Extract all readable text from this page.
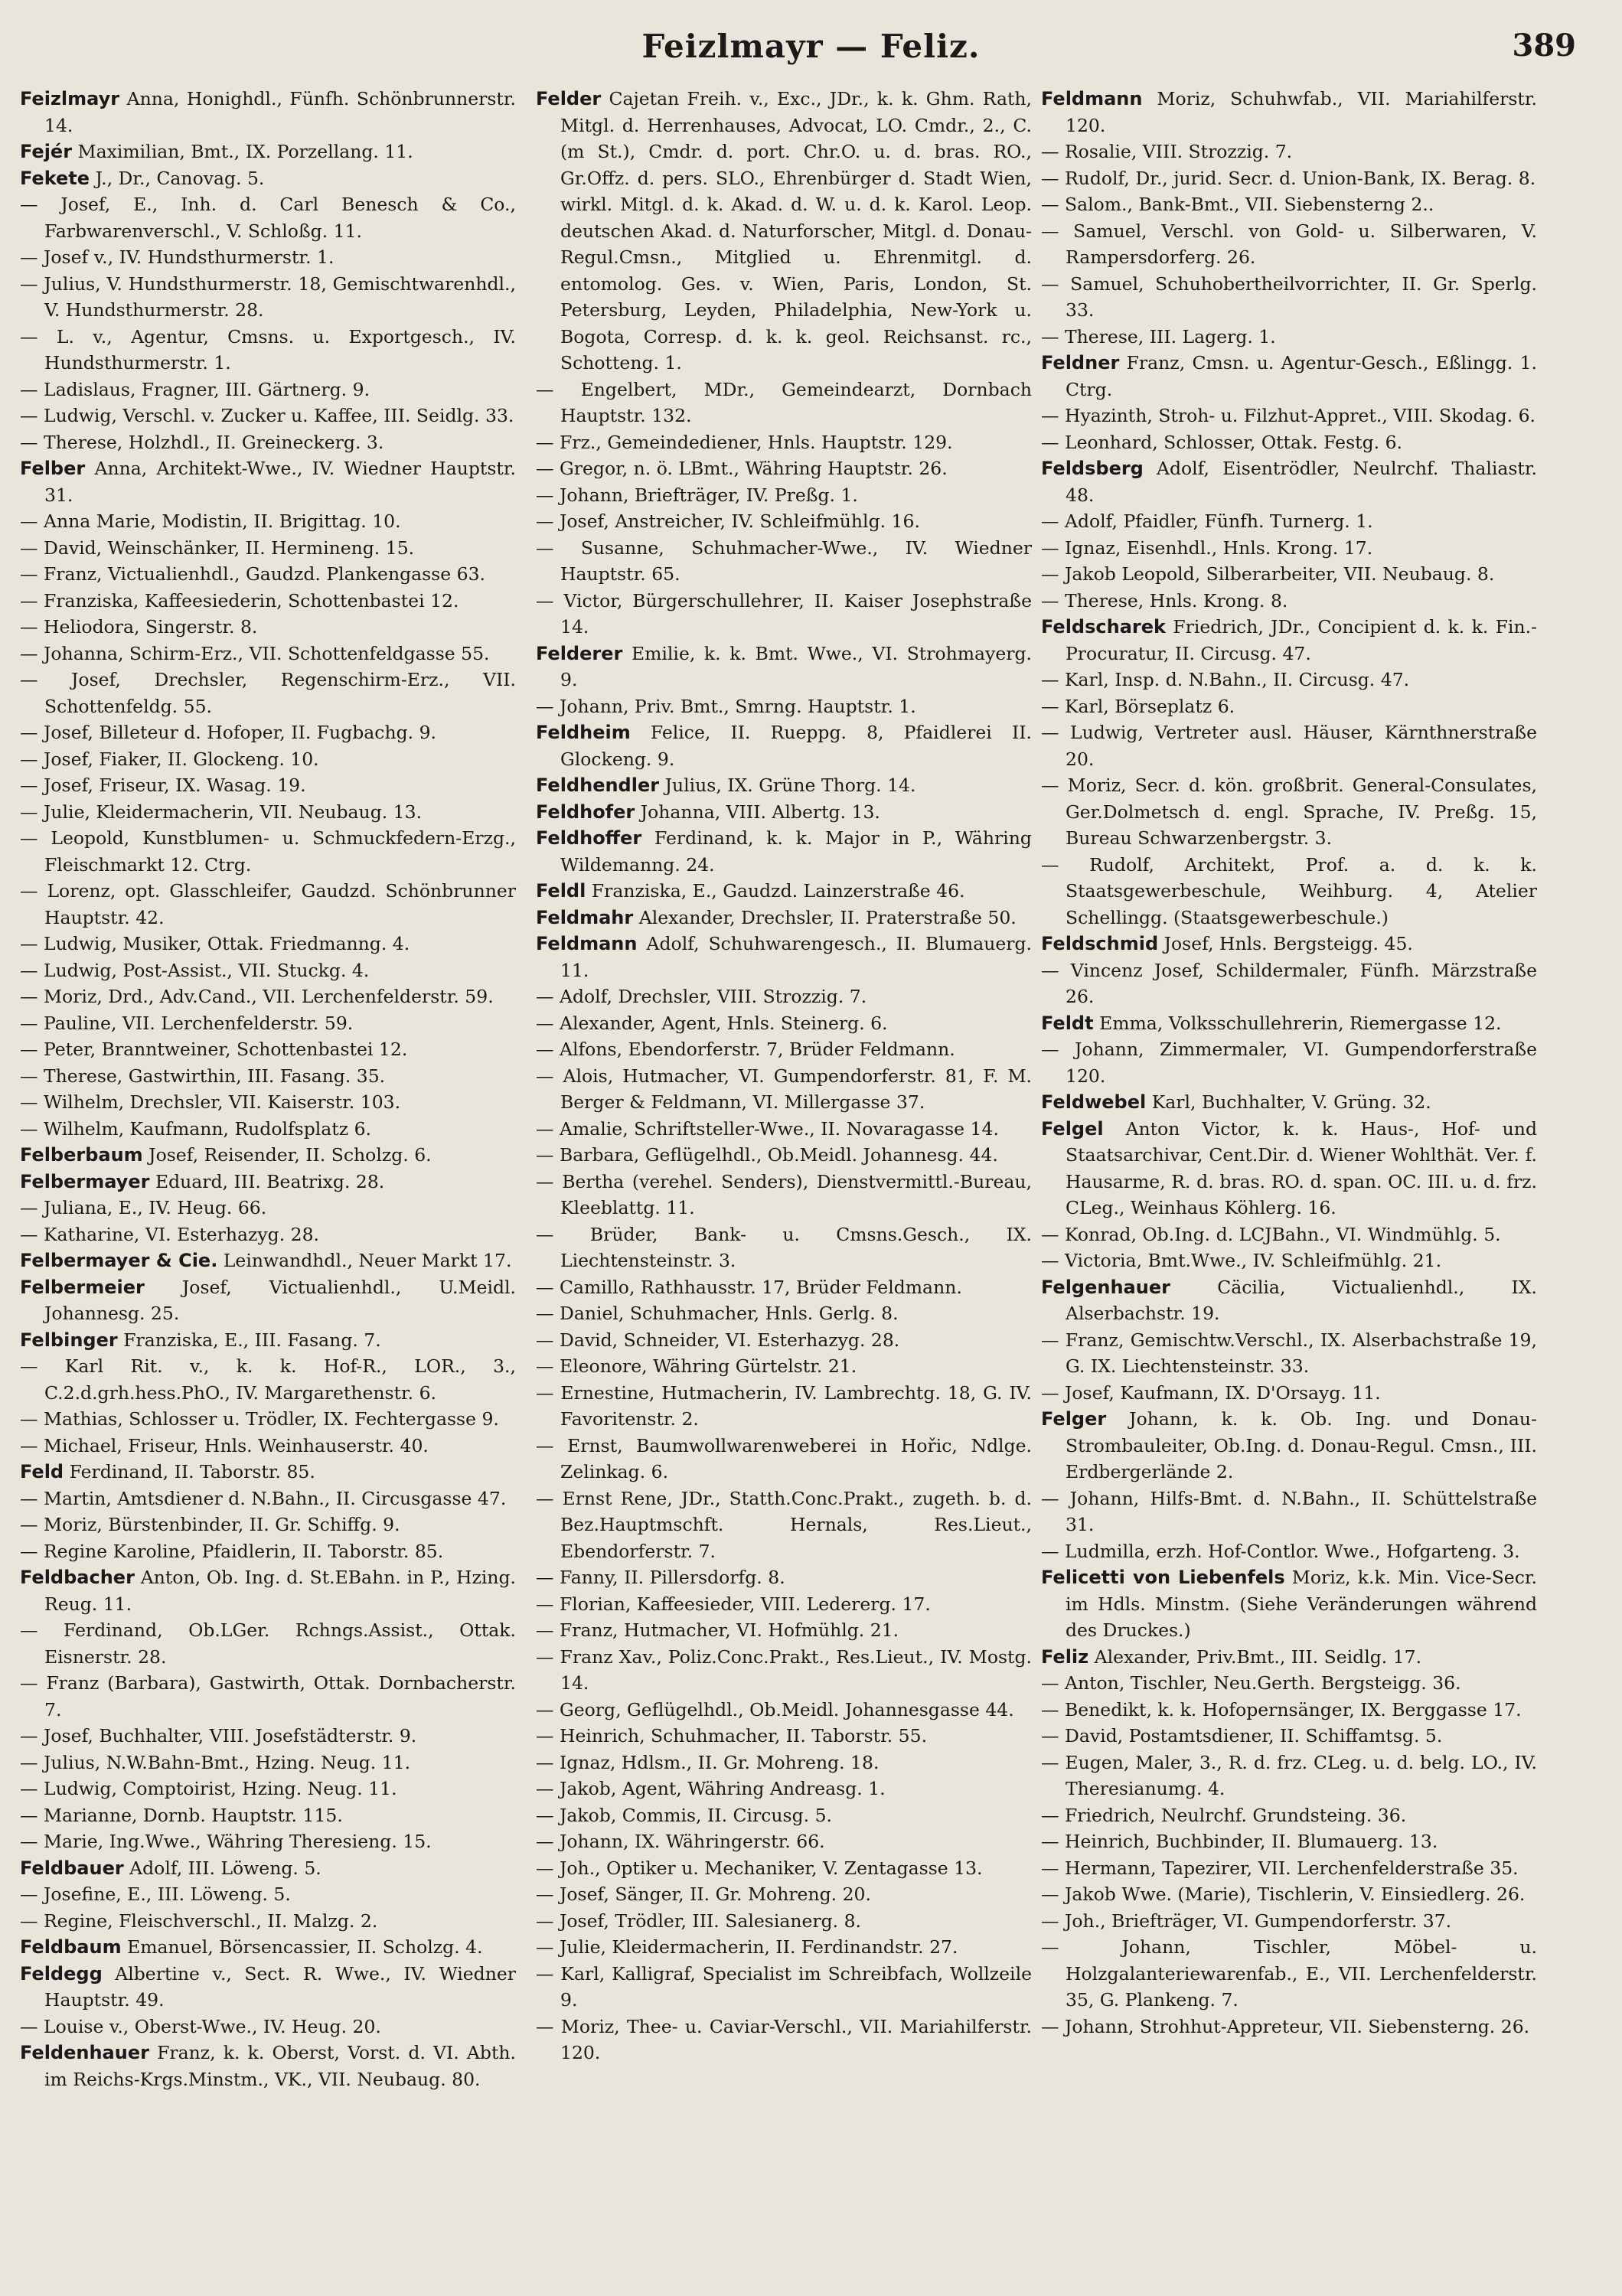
Feizlmayr — Feliz.	389
Feizlmayr Anna, Honighdl., Fünfh. Schönbrunnerstr. 14.
Fejér Maximilian, Bmt., IX. Porzellang. 11.
Fekete J., Dr., Canovag. 5.
— Josef, E., Inh. d. Carl Benesch & Co., Farbwarenverschl., V. Schloßg. 11.
— Josef v., IV. Hundsthurmerstr. 1.
— Julius, V. Hundsthurmerstr. 18, Gemischtwarenhdl., V. Hundsthurmerstr. 28.
— L. v., Agentur, Cmsns. u. Exportgesch., IV. Hundsthurmerstr. 1.
— Ladislaus, Fragner, III. Gärtnerg. 9.
— Ludwig, Verschl. v. Zucker u. Kaffee, III. Seidlg. 33.
— Therese, Holzhdl., II. Greineckerg. 3.
Felber Anna, Architekt-Wwe., IV. Wiedner Hauptstr. 31.
— Anna Marie, Modistin, II. Brigittag. 10.
— David, Weinschänker, II. Hermineng. 15.
— Franz, Victualienhdl., Gaudzd. Plankengasse 63.
— Franziska, Kaffeesiederin, Schottenbastei 12.
— Heliodora, Singerstr. 8.
— Johanna, Schirm-Erz., VII. Schottenfeldgasse 55.
— Josef, Drechsler, Regenschirm-Erz., VII. Schottenfeldg. 55.
— Josef, Billeteur d. Hofoper, II. Fugbachg. 9.
— Josef, Fiaker, II. Glockeng. 10.
— Josef, Friseur, IX. Wasag. 19.
— Julie, Kleidermacherin, VII. Neubaug. 13.
— Leopold, Kunstblumen- u. Schmuckfedern-Erzg., Fleischmarkt 12. Ctrg.
— Lorenz, opt. Glasschleifer, Gaudzd. Schönbrunner Hauptstr. 42.
— Ludwig, Musiker, Ottak. Friedmanng. 4.
— Ludwig, Post-Assist., VII. Stuckg. 4.
— Moriz, Drd., Adv.Cand., VII. Lerchenfelderstr. 59.
— Pauline, VII. Lerchenfelderstr. 59.
— Peter, Branntweiner, Schottenbastei 12.
— Therese, Gastwirthin, III. Fasang. 35.
— Wilhelm, Drechsler, VII. Kaiserstr. 103.
— Wilhelm, Kaufmann, Rudolfsplatz 6.
Felberbaum Josef, Reisender, II. Scholzg. 6.
Felbermayer Eduard, III. Beatrixg. 28.
— Juliana, E., IV. Heug. 66.
— Katharine, VI. Esterhazyg. 28.
Felbermayer & Cie. Leinwandhdl., Neuer Markt 17.
Felbermeier Josef, Victualienhdl., U.Meidl. Johannesg. 25.
Felbinger Franziska, E., III. Fasang. 7.
— Karl Rit. v., k. k. Hof-R., LOR., 3., C.2.d.grh.hess.PhO., IV. Margarethenstr. 6.
— Mathias, Schlosser u. Trödler, IX. Fechtergasse 9.
— Michael, Friseur, Hnls. Weinhauserstr. 40.
Feld Ferdinand, II. Taborstr. 85.
— Martin, Amtsdiener d. N.Bahn., II. Circusgasse 47.
— Moriz, Bürstenbinder, II. Gr. Schiffg. 9.
— Regine Karoline, Pfaidlerin, II. Taborstr. 85.
Feldbacher Anton, Ob. Ing. d. St.EBahn. in P., Hzing. Reug. 11.
— Ferdinand, Ob.LGer. Rchngs.Assist., Ottak. Eisnerstr. 28.
— Franz (Barbara), Gastwirth, Ottak. Dornbacherstr. 7.
— Josef, Buchhalter, VIII. Josefstädterstr. 9.
— Julius, N.W.Bahn-Bmt., Hzing. Neug. 11.
— Ludwig, Comptoirist, Hzing. Neug. 11.
— Marianne, Dornb. Hauptstr. 115.
— Marie, Ing.Wwe., Währing Theresieng. 15.
Feldbauer Adolf, III. Löweng. 5.
— Josefine, E., III. Löweng. 5.
— Regine, Fleischverschl., II. Malzg. 2.
Feldbaum Emanuel, Börsencassier, II. Scholzg. 4.
Feldegg Albertine v., Sect. R. Wwe., IV. Wiedner Hauptstr. 49.
— Louise v., Oberst-Wwe., IV. Heug. 20.
Feldenhauer Franz, k. k. Oberst, Vorst. d. VI. Abth. im Reichs-Krgs.Minstm., VK., VII. Neubaug. 80.
Felder Cajetan Freih. v., Exc., JDr., k. k. Ghm. Rath, Mitgl. d. Herrenhauses, Advocat, LO. Cmdr., 2., C. (m St.), Cmdr. d. port. Chr.O. u. d. bras. RO., Gr.Offz. d. pers. SLO., Ehrenbürger d. Stadt Wien, wirkl. Mitgl. d. k. Akad. d. W. u. d. k. Karol. Leop. deutschen Akad. d. Naturforscher, Mitgl. d. Donau-Regul.Cmsn., Mitglied u. Ehrenmitgl. d. entomolog. Ges. v. Wien, Paris, London, St. Petersburg, Leyden, Philadelphia, New-York u. Bogota, Corresp. d. k. k. geol. Reichsanst. rc., Schotteng. 1.
— Engelbert, MDr., Gemeindearzt, Dornbach Hauptstr. 132.
— Frz., Gemeindediener, Hnls. Hauptstr. 129.
— Gregor, n. ö. LBmt., Währing Hauptstr. 26.
— Johann, Briefträger, IV. Preßg. 1.
— Josef, Anstreicher, IV. Schleifmühlg. 16.
— Susanne, Schuhmacher-Wwe., IV. Wiedner Hauptstr. 65.
— Victor, Bürgerschullehrer, II. Kaiser Josephstraße 14.
Felderer Emilie, k. k. Bmt. Wwe., VI. Strohmayerg. 9.
— Johann, Priv. Bmt., Smrng. Hauptstr. 1.
Feldheim Felice, II. Rueppg. 8, Pfaidlerei II. Glockeng. 9.
Feldhendler Julius, IX. Grüne Thorg. 14.
Feldhofer Johanna, VIII. Albertg. 13.
Feldhoffer Ferdinand, k. k. Major in P., Währing Wildemanng. 24.
Feldl Franziska, E., Gaudzd. Lainzerstraße 46.
Feldmahr Alexander, Drechsler, II. Praterstraße 50.
Feldmann Adolf, Schuhwarengesch., II. Blumauerg. 11.
— Adolf, Drechsler, VIII. Strozzig. 7.
— Alexander, Agent, Hnls. Steinerg. 6.
— Alfons, Ebendorferstr. 7, Brüder Feldmann.
— Alois, Hutmacher, VI. Gumpendorferstr. 81, F. M. Berger & Feldmann, VI. Millergasse 37.
— Amalie, Schriftsteller-Wwe., II. Novaragasse 14.
— Barbara, Geflügelhdl., Ob.Meidl. Johannesg. 44.
— Bertha (verehel. Senders), Dienstvermittl.-Bureau, Kleeblattg. 11.
— Brüder, Bank- u. Cmsns.Gesch., IX. Liechtensteinstr. 3.
— Camillo, Rathhausstr. 17, Brüder Feldmann.
— Daniel, Schuhmacher, Hnls. Gerlg. 8.
— David, Schneider, VI. Esterhazyg. 28.
— Eleonore, Währing Gürtelstr. 21.
— Ernestine, Hutmacherin, IV. Lambrechtg. 18, G. IV. Favoritenstr. 2.
— Ernst, Baumwollwarenweberei in Hořic, Ndlge. Zelinkag. 6.
— Ernst Rene, JDr., Statth.Conc.Prakt., zugeth. b. d. Bez.Hauptmschft. Hernals, Res.Lieut., Ebendorferstr. 7.
— Fanny, II. Pillersdorfg. 8.
— Florian, Kaffeesieder, VIII. Ledererg. 17.
— Franz, Hutmacher, VI. Hofmühlg. 21.
— Franz Xav., Poliz.Conc.Prakt., Res.Lieut., IV. Mostg. 14.
— Georg, Geflügelhdl., Ob.Meidl. Johannesgasse 44.
— Heinrich, Schuhmacher, II. Taborstr. 55.
— Ignaz, Hdlsm., II. Gr. Mohreng. 18.
— Jakob, Agent, Währing Andreasg. 1.
— Jakob, Commis, II. Circusg. 5.
— Johann, IX. Währingerstr. 66.
— Joh., Optiker u. Mechaniker, V. Zentagasse 13.
— Josef, Sänger, II. Gr. Mohreng. 20.
— Josef, Trödler, III. Salesianerg. 8.
— Julie, Kleidermacherin, II. Ferdinandstr. 27.
— Karl, Kalligraf, Specialist im Schreibfach, Wollzeile 9.
— Moriz, Thee- u. Caviar-Verschl., VII. Mariahilferstr. 120.
Feldmann Moriz, Schuhwfab., VII. Mariahilferstr. 120.
— Rosalie, VIII. Strozzig. 7.
— Rudolf, Dr., jurid. Secr. d. Union-Bank, IX. Berag. 8.
— Salom., Bank-Bmt., VII. Siebensterng 2..
— Samuel, Verschl. von Gold- u. Silberwaren, V. Rampersdorferg. 26.
— Samuel, Schuhobertheilvorrichter, II. Gr. Sperlg. 33.
— Therese, III. Lagerg. 1.
Feldner Franz, Cmsn. u. Agentur-Gesch., Eßlingg. 1. Ctrg.
— Hyazinth, Stroh- u. Filzhut-Appret., VIII. Skodag. 6.
— Leonhard, Schlosser, Ottak. Festg. 6.
Feldsberg Adolf, Eisentrödler, Neulrchf. Thaliastr. 48.
— Adolf, Pfaidler, Fünfh. Turnerg. 1.
— Ignaz, Eisenhdl., Hnls. Krong. 17.
— Jakob Leopold, Silberarbeiter, VII. Neubaug. 8.
— Therese, Hnls. Krong. 8.
Feldscharek Friedrich, JDr., Concipient d. k. k. Fin.-Procuratur, II. Circusg. 47.
— Karl, Insp. d. N.Bahn., II. Circusg. 47.
— Karl, Börseplatz 6.
— Ludwig, Vertreter ausl. Häuser, Kärnthnerstraße 20.
— Moriz, Secr. d. kön. großbrit. General-Consulates, Ger.Dolmetsch d. engl. Sprache, IV. Preßg. 15, Bureau Schwarzenbergstr. 3.
— Rudolf, Architekt, Prof. a. d. k. k. Staatsgewerbeschule, Weihburg. 4, Atelier Schellingg. (Staatsgewerbeschule.)
Feldschmid Josef, Hnls. Bergsteigg. 45.
— Vincenz Josef, Schildermaler, Fünfh. Märzstraße 26.
Feldt Emma, Volksschullehrerin, Riemergasse 12.
— Johann, Zimmermaler, VI. Gumpendorferstraße 120.
Feldwebel Karl, Buchhalter, V. Grüng. 32.
Felgel Anton Victor, k. k. Haus-, Hof- und Staatsarchivar, Cent.Dir. d. Wiener Wohlthät. Ver. f. Hausarme, R. d. bras. RO. d. span. OC. III. u. d. frz. CLeg., Weinhaus Köhlerg. 16.
— Konrad, Ob.Ing. d. LCJBahn., VI. Windmühlg. 5.
— Victoria, Bmt.Wwe., IV. Schleifmühlg. 21.
Felgenhauer	Cäcilia, Victualienhdl., IX. Alserbachstr. 19.
— Franz, Gemischtw.Verschl., IX. Alserbachstraße 19, G. IX. Liechtensteinstr. 33.
— Josef, Kaufmann, IX. D'Orsayg. 11.
Felger Johann, k. k. Ob. Ing. und Donau-Strombauleiter, Ob.Ing. d. Donau-Regul. Cmsn., III. Erdbergerlände 2.
— Johann, Hilfs-Bmt. d. N.Bahn., II. Schüttelstraße 31.
— Ludmilla, erzh. Hof-Contlor. Wwe., Hofgarteng. 3.
Felicetti von Liebenfels Moriz, k.k. Min. Vice-Secr. im Hdls. Minstm. (Siehe Veränderungen während des Druckes.)
Feliz Alexander, Priv.Bmt., III. Seidlg. 17.
— Anton, Tischler, Neu.Gerth. Bergsteigg. 36.
— Benedikt, k. k. Hofopernsänger, IX. Berggasse 17.
— David, Postamtsdiener, II. Schiffamtsg. 5.
— Eugen, Maler, 3., R. d. frz. CLeg. u. d. belg. LO., IV. Theresianumg. 4.
— Friedrich, Neulrchf. Grundsteing. 36.
— Heinrich, Buchbinder, II. Blumauerg. 13.
— Hermann, Tapezirer, VII. Lerchenfelderstraße 35.
— Jakob Wwe. (Marie), Tischlerin, V. Einsiedlerg. 26.
— Joh., Briefträger, VI. Gumpendorferstr. 37.
—	Johann, Tischler, Möbel- u. Holzgalanteriewarenfab., E., VII. Lerchenfelderstr. 35, G. Plankeng. 7.
— Johann, Strohhut-Appreteur, VII. Siebensterng. 26.
